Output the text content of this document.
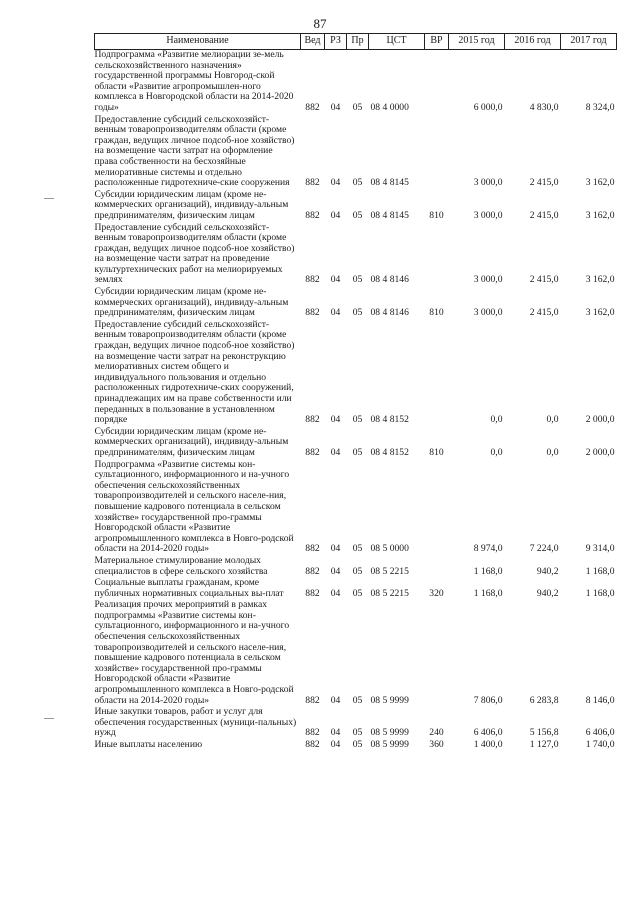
87
Наименование	Вед	РЗ	Пр	ЦСТ	ВР	2015 год	2016 год	2017 год
Подпрограмма «Развитие мелиорации зе-мель сельскохозяйственного назначения» государственной программы Новгород-ской области «Развитие агропромышлен-ного комплекса в Новгородской области на 2014-2020 годы»	882	04	05	08 4 0000		6 000,0	4 830,0	8 324,0
Предоставление субсидий сельскохозяйст-венным товаропроизводителям области (кроме граждан, ведущих личное подсоб-ное хозяйство) на возмещение части затрат на оформление права собственности на бесхозяйные мелиоративные системы и отдельно расположенные гидротехниче-ские сооружения	882	04	05	08 4 8145		3 000,0	2 415,0	3 162,0
Субсидии юридическим лицам (кроме не-коммерческих организаций), индивиду-альным предпринимателям, физическим лицам	882	04	05	08 4 8145	810	3 000,0	2 415,0	3 162,0
Предоставление субсидий сельскохозяйст-венным товаропроизводителям области (кроме граждан, ведущих личное подсоб-ное хозяйство) на возмещение части затрат на проведение культуртехнических работ на мелиорируемых землях	882	04	05	08 4 8146		3 000,0	2 415,0	3 162,0
Субсидии юридическим лицам (кроме не-коммерческих организаций), индивиду-альным предпринимателям, физическим лицам	882	04	05	08 4 8146	810	3 000,0	2 415,0	3 162,0
Предоставление субсидий сельскохозяйст-венным товаропроизводителям области (кроме граждан, ведущих личное подсоб-ное хозяйство) на возмещение части затрат на реконструкцию мелиоративных систем общего и индивидуального пользования и отдельно расположенных гидротехниче-ских сооружений, принадлежащих им на праве собственности или переданных в пользование в установленном порядке	882	04	05	08 4 8152		0,0	0,0	2 000,0
Субсидии юридическим лицам (кроме не-коммерческих организаций), индивиду-альным предпринимателям, физическим лицам	882	04	05	08 4 8152	810	0,0	0,0	2 000,0
Подпрограмма «Развитие системы кон-сультационного, информационного и на-учного обеспечения сельскохозяйственных товаропроизводителей и сельского населе-ния, повышение кадрового потенциала в сельском хозяйстве» государственной про-граммы Новгородской области «Развитие агропромышленного комплекса в Новго-родской области на 2014-2020 годы»	882	04	05	08 5 0000		8 974,0	7 224,0	9 314,0
Материальное стимулирование молодых специалистов в сфере сельского хозяйства	882	04	05	08 5 2215		1 168,0	940,2	1 168,0
Социальные выплаты гражданам, кроме публичных нормативных социальных вы-плат	882	04	05	08 5 2215	320	1 168,0	940,2	1 168,0
Реализация прочих мероприятий в рамках подпрограммы «Развитие системы кон-сультационного, информационного и на-учного обеспечения сельскохозяйственных товаропроизводителей и сельского населе-ния, повышение кадрового потенциала в сельском хозяйстве» государственной про-граммы Новгородской области «Развитие агропромышленного комплекса в Новго-родской области на 2014-2020 годы»	882	04	05	08 5 9999		7 806,0	6 283,8	8 146,0
Иные закупки товаров, работ и услуг для обеспечения государственных (муници-пальных) нужд	882	04	05	08 5 9999	240	6 406,0	5 156,8	6 406,0
Иные выплаты населению	882	04	05	08 5 9999	360	1 400,0	1 127,0	1 740,0
